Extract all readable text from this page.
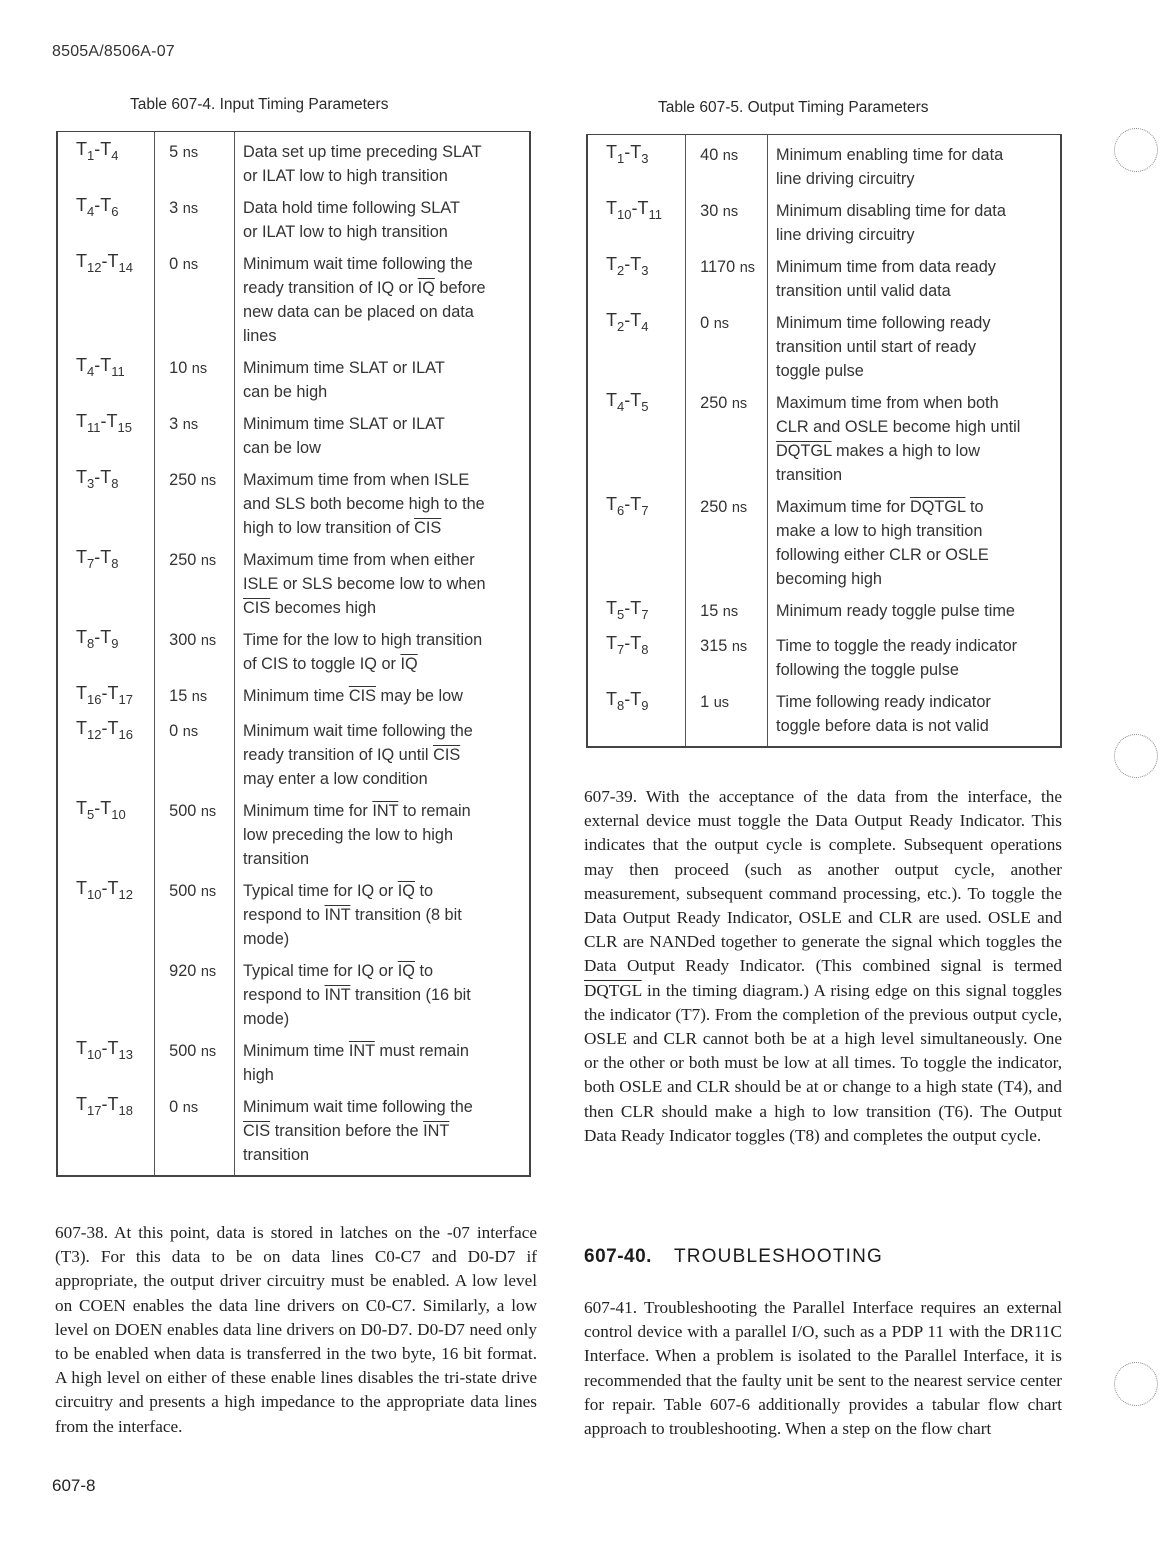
8505A/8506A-07
Table 607-4. Input Timing Parameters
$T_1-T_4$	5 ns	Data set up time preceding SLAT
or ILAT low to high transition
$T_4-T_6$	3 ns	Data hold time following SLAT
or ILAT low to high transition
$T_{12}-T_{14}$	0 ns	Minimum wait time following the
ready transition of IQ or $\overline{IQ}$ before
new data can be placed on data
lines
$T_4-T_{11}$	10 ns	Minimum time SLAT or ILAT
can be high
$T_{11}-T_{15}$	3 ns	Minimum time SLAT or ILAT
can be low
$T_3-T_8$	250 ns	Maximum time from when ISLE
and SLS both become high to the
high to low transition of $\overline{CIS}$
$T_7-T_8$	250 ns	Maximum time from when either
ISLE or SLS become low to when
$\overline{CIS}$ becomes high
$T_8-T_9$	300 ns	Time for the low to high transition
of CIS to toggle IQ or $\overline{IQ}$
$T_{16}-T_{17}$	15 ns	Minimum time $\overline{CIS}$ may be low
$T_{12}-T_{16}$	0 ns	Minimum wait time following the
ready transition of IQ until $\overline{CIS}$
may enter a low condition
$T_5-T_{10}$	500 ns	Minimum time for $\overline{INT}$ to remain
low preceding the low to high
transition
$T_{10}-T_{12}$	500 ns	Typical time for IQ or $\overline{IQ}$ to
respond to $\overline{INT}$ transition (8 bit
mode)
	920 ns	Typical time for IQ or $\overline{IQ}$ to
respond to $\overline{INT}$ transition (16 bit
mode)
$T_{10}-T_{13}$	500 ns	Minimum time $\overline{INT}$ must remain
high
$T_{17}-T_{18}$	0 ns	Minimum wait time following the
$\overline{CIS}$ transition before the $\overline{INT}$
transition

Table 607-5. Output Timing Parameters
$T_1-T_3$	40 ns	Minimum enabling time for data
line driving circuitry
$T_{10}-T_{11}$	30 ns	Minimum disabling time for data
line driving circuitry
$T_2-T_3$	1170 ns	Minimum time from data ready
transition until valid data
$T_2-T_4$	0 ns	Minimum time following ready
transition until start of ready
toggle pulse
$T_4-T_5$	250 ns	Maximum time from when both
CLR and OSLE become high until
DQTGL makes a high to low
transition
$T_6-T_7$	250 ns	Maximum time for DQTGL to
make a low to high transition
following either CLR or OSLE
becoming high
$T_5-T_7$	15 ns	Minimum ready toggle pulse time
$T_7-T_8$	315 ns	Time to toggle the ready indicator
following the toggle pulse
$T_8-T_9$	1 us	Time following ready indicator
toggle before data is not valid

607-38. At this point, data is stored in latches on the -07 interface (T3). For this data to be on data lines C0-C7 and D0-D7 if appropriate, the output driver circuitry must be enabled. A low level on COEN enables the data line drivers on C0-C7. Similarly, a low level on DOEN enables data line drivers on D0-D7. D0-D7 need only to be enabled when data is transferred in the two byte, 16 bit format. A high level on either of these enable lines disables the tri-state drive circuitry and presents a high impedance to the appropriate data lines from the interface.

607-39. With the acceptance of the data from the interface, the external device must toggle the Data Output Ready Indicator. This indicates that the output cycle is complete. Subsequent operations may then proceed (such as another output cycle, another measurement, subsequent command processing, etc.). To toggle the Data Output Ready Indicator, OSLE and CLR are used. OSLE and CLR are NANDed together to generate the signal which toggles the Data Output Ready Indicator. (This combined signal is termed DQTGL in the timing diagram.) A rising edge on this signal toggles the indicator (T7). From the completion of the previous output cycle, OSLE and CLR cannot both be at a high level simultaneously. One or the other or both must be low at all times. To toggle the indicator, both OSLE and CLR should be at or change to a high state (T4), and then CLR should make a high to low transition (T6). The Output Data Ready Indicator toggles (T8) and completes the output cycle.

607-40. TROUBLESHOOTING

607-41. Troubleshooting the Parallel Interface requires an external control device with a parallel I/O, such as a PDP 11 with the DR11C Interface. When a problem is isolated to the Parallel Interface, it is recommended that the faulty unit be sent to the nearest service center for repair. Table 607-6 additionally provides a tabular flow chart approach to troubleshooting. When a step on the flow chart

607-8
